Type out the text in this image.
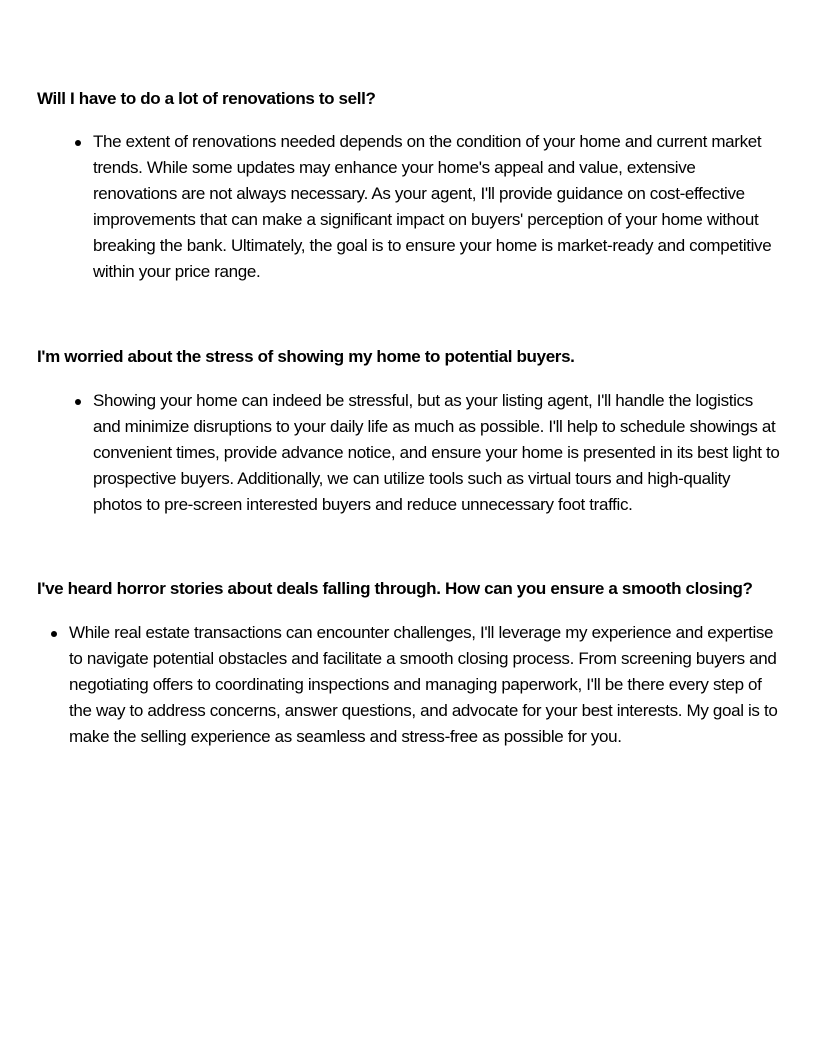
Will I have to do a lot of renovations to sell?
The extent of renovations needed depends on the condition of your home and current market trends. While some updates may enhance your home's appeal and value, extensive renovations are not always necessary. As your agent, I'll provide guidance on cost-effective improvements that can make a significant impact on buyers' perception of your home without breaking the bank. Ultimately, the goal is to ensure your home is market-ready and competitive within your price range.
I'm worried about the stress of showing my home to potential buyers.
Showing your home can indeed be stressful, but as your listing agent, I'll handle the logistics and minimize disruptions to your daily life as much as possible. I'll help to schedule showings at convenient times, provide advance notice, and ensure your home is presented in its best light to prospective buyers. Additionally, we can utilize tools such as virtual tours and high-quality photos to pre-screen interested buyers and reduce unnecessary foot traffic.
I've heard horror stories about deals falling through. How can you ensure a smooth closing?
While real estate transactions can encounter challenges, I'll leverage my experience and expertise to navigate potential obstacles and facilitate a smooth closing process. From screening buyers and negotiating offers to coordinating inspections and managing paperwork, I'll be there every step of the way to address concerns, answer questions, and advocate for your best interests. My goal is to make the selling experience as seamless and stress-free as possible for you.
